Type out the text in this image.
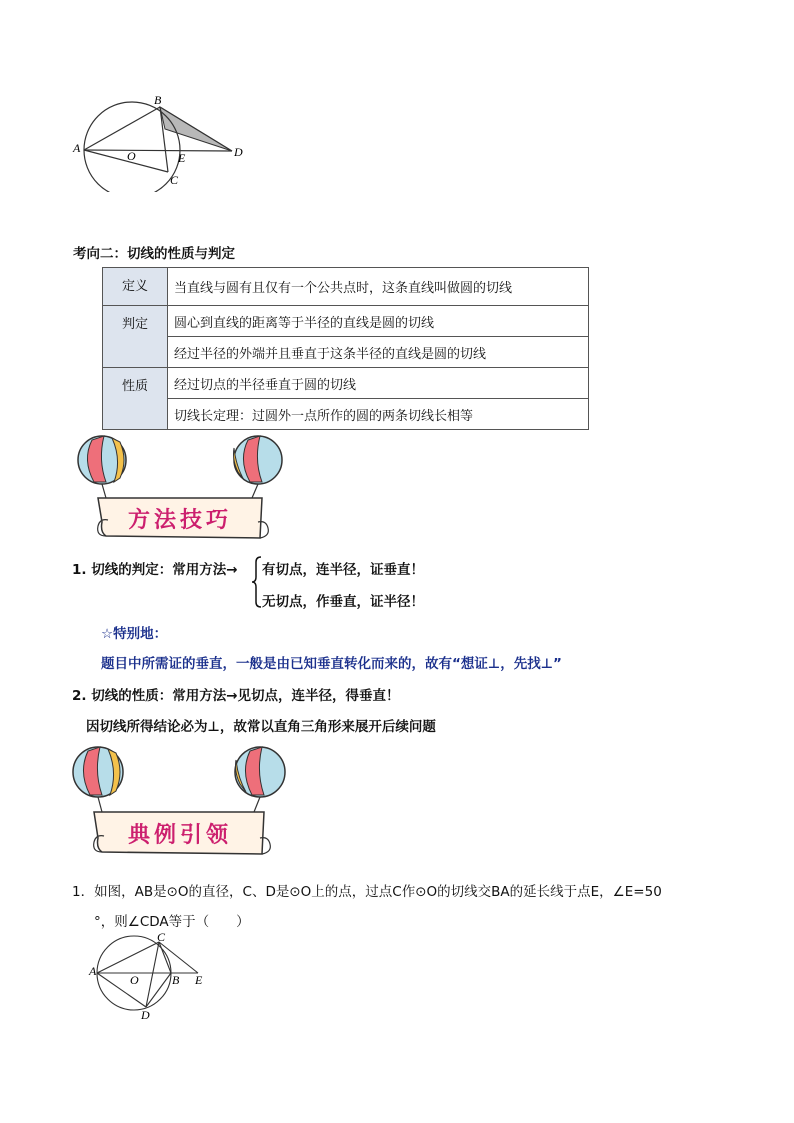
A
B
O	E
C
D
考向二：切线的性质与判定
定义	当直线与圆有且仅有一个公共点时，这条直线叫做圆的切线
判定	圆心到直线的距离等于半径的直线是圆的切线
	经过半径的外端并且垂直于这条半径的直线是圆的切线
性质	经过切点的半径垂直于圆的切线
	切线长定理：过圆外一点所作的圆的两条切线长相等
方法技巧
1. 切线的判定：常用方法→ 有切点，连半径，证垂直！
无切点，作垂直，证半径！
☆特别地：
题目中所需证的垂直，一般是由已知垂直转化而来的，故有“想证⊥，先找⊥”
2. 切线的性质：常用方法→见切点，连半径，得垂直！
因切线所得结论必为⊥，故常以直角三角形来展开后续问题
典例引领
1．如图，AB是⊙O的直径，C、D是⊙O上的点，过点C作⊙O的切线交BA的延长线于点E，∠E=50
°，则∠CDA等于（　　）
A
C
O	B E
D
